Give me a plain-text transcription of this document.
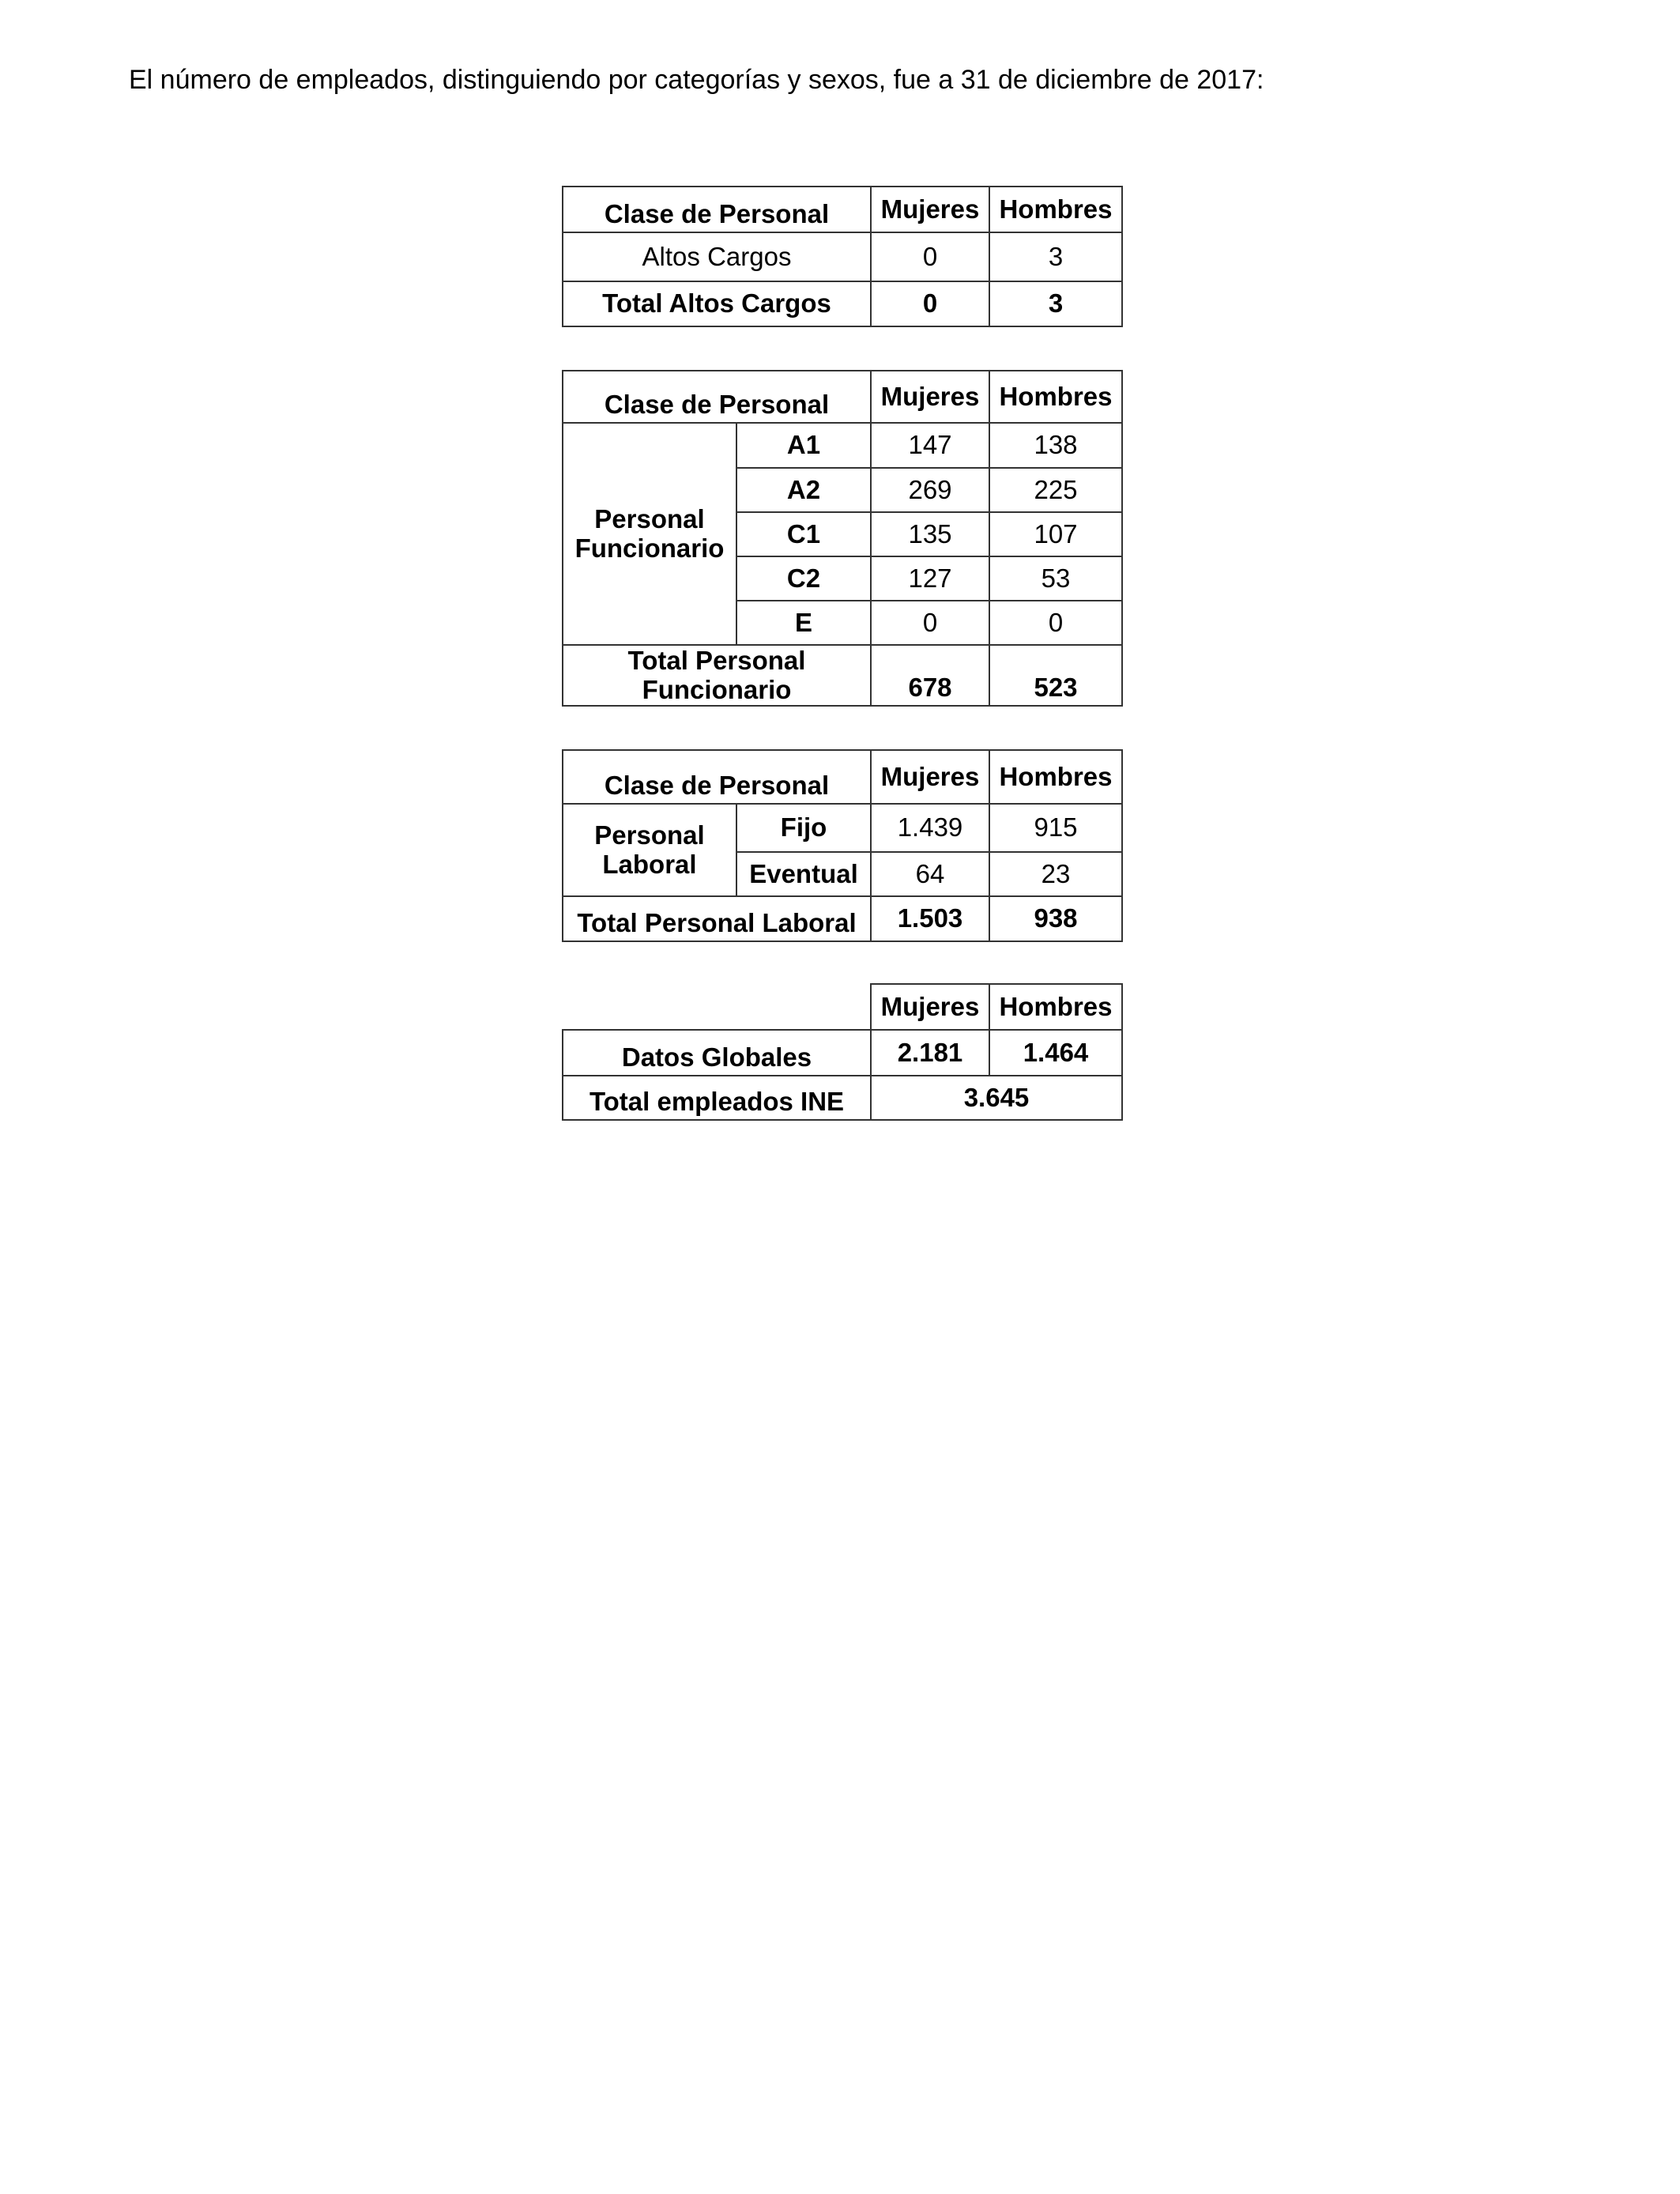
El número de empleados, distinguiendo por categorías y sexos, fue a 31 de diciembre de 2017:
Clase de Personal	Mujeres	Hombres
Altos Cargos	0	3
Total Altos Cargos	0	3
Clase de Personal		Mujeres	Hombres
Personal
Funcionario	A1	147	138
	A2	269	225
	C1	135	107
	C2	127	53
	E	0	0
Total Personal
Funcionario		678	523
Clase de Personal		Mujeres	Hombres
Personal
Laboral	Fijo	1.439	915
	Eventual	64	23
Total Personal Laboral		1.503	938
	Mujeres	Hombres
Datos Globales	2.181	1.464
Total empleados INE	3.645	
